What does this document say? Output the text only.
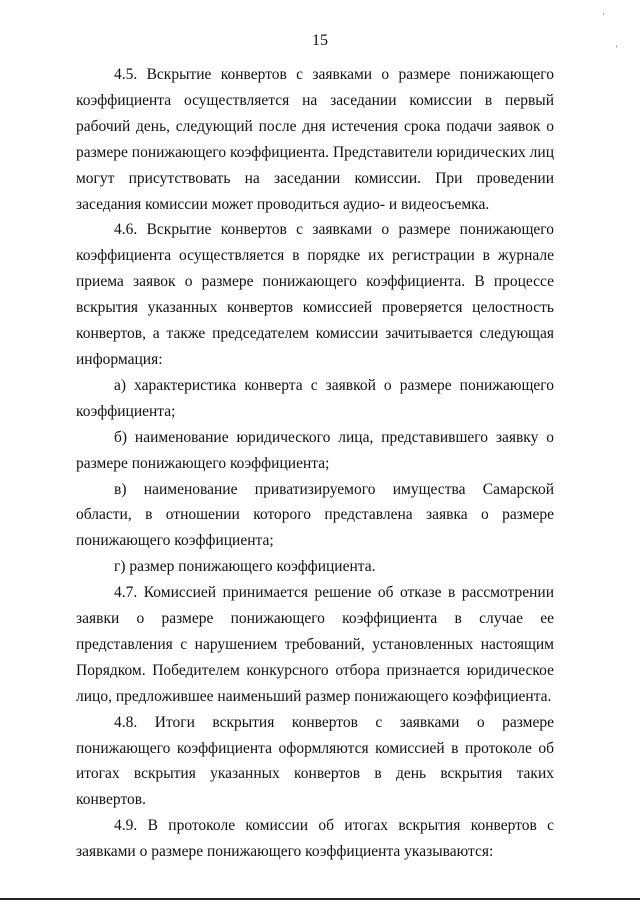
'
'
15

4.5. Вскрытие конвертов с заявками о размере понижающего коэффициента осуществляется на заседании комиссии в первый рабочий день, следующий после дня истечения срока подачи заявок о размере понижающего коэффициента. Представители юридических лиц могут присутствовать на заседании комиссии. При проведении заседания комиссии может проводиться аудио- и видеосъемка.

4.6. Вскрытие конвертов с заявками о размере понижающего коэффициента осуществляется в порядке их регистрации в журнале приема заявок о размере понижающего коэффициента. В процессе вскрытия указанных конвертов комиссией проверяется целостность конвертов, а также председателем комиссии зачитывается следующая информация:

а) характеристика конверта с заявкой о размере понижающего коэффициента;

б) наименование юридического лица, представившего заявку о размере понижающего коэффициента;

в) наименование приватизируемого имущества Самарской области, в отношении которого представлена заявка о размере понижающего коэффициента;

г) размер понижающего коэффициента.

4.7. Комиссией принимается решение об отказе в рассмотрении заявки о размере понижающего коэффициента в случае ее представления с нарушением требований, установленных настоящим Порядком. Победителем конкурсного отбора признается юридическое лицо, предложившее наименьший размер понижающего коэффициента.

4.8. Итоги вскрытия конвертов с заявками о размере понижающего коэффициента оформляются комиссией в протоколе об итогах вскрытия указанных конвертов в день вскрытия таких конвертов.

4.9. В протоколе комиссии об итогах вскрытия конвертов с заявками о размере понижающего коэффициента указываются:
